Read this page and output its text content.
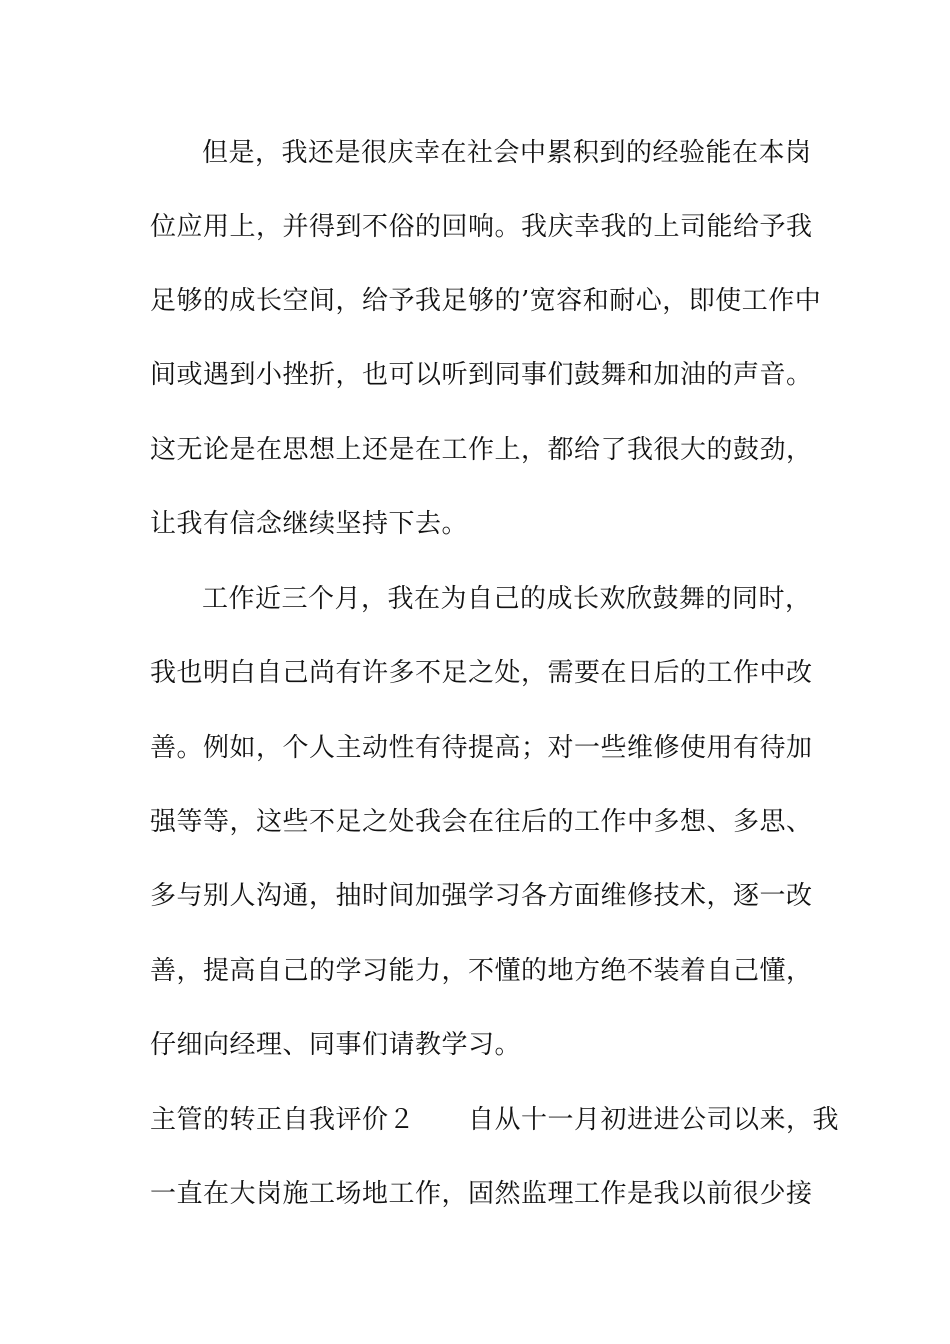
但是，我还是很庆幸在社会中累积到的经验能在本岗
位应用上，并得到不俗的回响。我庆幸我的上司能给予我
足够的成长空间，给予我足够的’宽容和耐心，即使工作中
间或遇到小挫折，也可以听到同事们鼓舞和加油的声音。
这无论是在思想上还是在工作上，都给了我很大的鼓劲，
让我有信念继续坚持下去。
工作近三个月，我在为自己的成长欢欣鼓舞的同时，
我也明白自己尚有许多不足之处，需要在日后的工作中改
善。例如，个人主动性有待提高；对一些维修使用有待加
强等等，这些不足之处我会在往后的工作中多想、多思、
多与别人沟通，抽时间加强学习各方面维修技术，逐一改
善，提高自己的学习能力，不懂的地方绝不装着自己懂，
仔细向经理、同事们请教学习。
主管的转正自我评价２　　自从十一月初进进公司以来，我
一直在大岗施工场地工作，固然监理工作是我以前很少接
